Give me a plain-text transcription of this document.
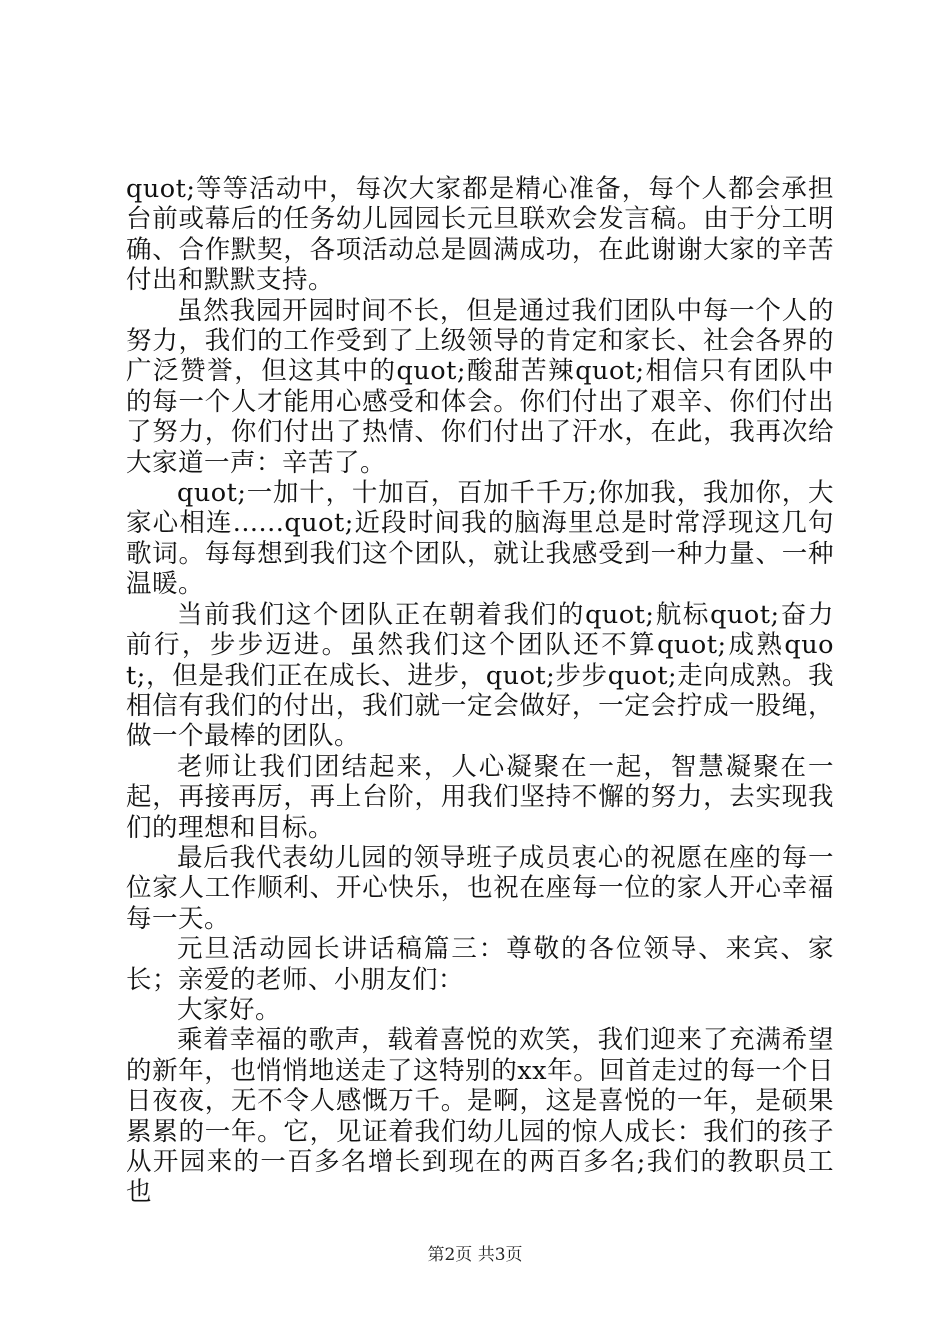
quot;等等活动中，每次大家都是精心准备，每个人都会承担台前或幕后的任务幼儿园园长元旦联欢会发言稿。由于分工明确、合作默契，各项活动总是圆满成功，在此谢谢大家的辛苦付出和默默支持。

虽然我园开园时间不长，但是通过我们团队中每一个人的努力，我们的工作受到了上级领导的肯定和家长、社会各界的广泛赞誉，但这其中的quot;酸甜苦辣quot;相信只有团队中的每一个人才能用心感受和体会。你们付出了艰辛、你们付出了努力，你们付出了热情、你们付出了汗水，在此，我再次给大家道一声：辛苦了。

quot;一加十，十加百，百加千千万;你加我，我加你，大家心相连......quot;近段时间我的脑海里总是时常浮现这几句歌词。每每想到我们这个团队，就让我感受到一种力量、一种温暖。

当前我们这个团队正在朝着我们的quot;航标quot;奋力前行，步步迈进。虽然我们这个团队还不算quot;成熟quot;，但是我们正在成长、进步，quot;步步quot;走向成熟。我相信有我们的付出，我们就一定会做好，一定会拧成一股绳，做一个最棒的团队。

老师让我们团结起来，人心凝聚在一起，智慧凝聚在一起，再接再厉，再上台阶，用我们坚持不懈的努力，去实现我们的理想和目标。

最后我代表幼儿园的领导班子成员衷心的祝愿在座的每一位家人工作顺利、开心快乐，也祝在座每一位的家人开心幸福每一天。

元旦活动园长讲话稿篇三：尊敬的各位领导、来宾、家长；亲爱的老师、小朋友们：

大家好。

乘着幸福的歌声，载着喜悦的欢笑，我们迎来了充满希望的新年，也悄悄地送走了这特别的xx年。回首走过的每一个日日夜夜，无不令人感慨万千。是啊，这是喜悦的一年，是硕果累累的一年。它，见证着我们幼儿园的惊人成长：我们的孩子从开园来的一百多名增长到现在的两百多名;我们的教职员工也

第2页 共3页
